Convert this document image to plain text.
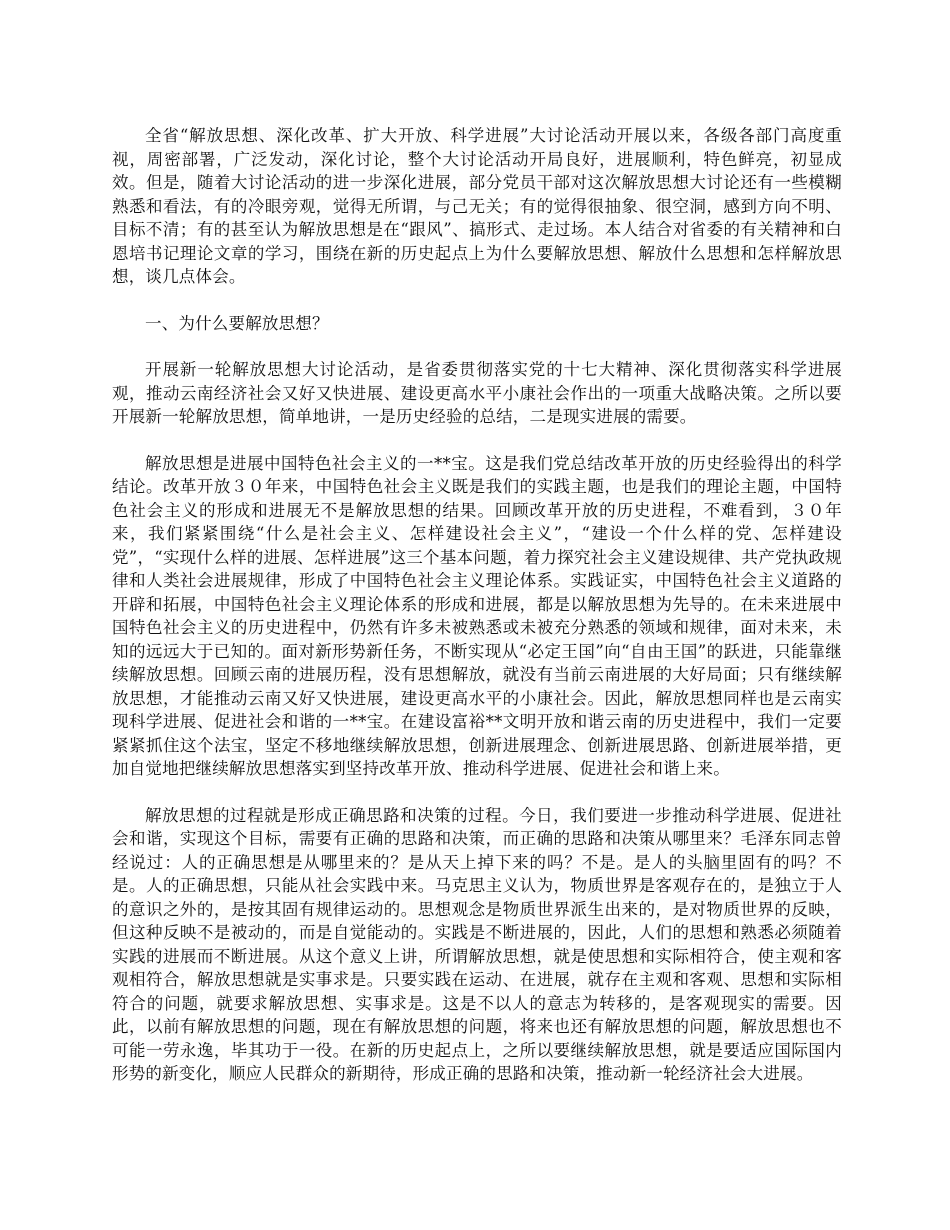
全省“解放思想、深化改革、扩大开放、科学进展”大讨论活动开展以来，各级各部门高度重视，周密部署，广泛发动，深化讨论，整个大讨论活动开局良好，进展顺利，特色鲜亮，初显成效。但是，随着大讨论活动的进一步深化进展，部分党员干部对这次解放思想大讨论还有一些模糊熟悉和看法，有的冷眼旁观，觉得无所谓，与己无关；有的觉得很抽象、很空洞，感到方向不明、目标不清；有的甚至认为解放思想是在“跟风”、搞形式、走过场。本人结合对省委的有关精神和白恩培书记理论文章的学习，围绕在新的历史起点上为什么要解放思想、解放什么思想和怎样解放思想，谈几点体会。

一、为什么要解放思想？

开展新一轮解放思想大讨论活动，是省委贯彻落实党的十七大精神、深化贯彻落实科学进展观，推动云南经济社会又好又快进展、建设更高水平小康社会作出的一项重大战略决策。之所以要开展新一轮解放思想，简单地讲，一是历史经验的总结，二是现实进展的需要。

解放思想是进展中国特色社会主义的一**宝。这是我们党总结改革开放的历史经验得出的科学结论。改革开放３０年来，中国特色社会主义既是我们的实践主题，也是我们的理论主题，中国特色社会主义的形成和进展无不是解放思想的结果。回顾改革开放的历史进程，不难看到，３０年来，我们紧紧围绕“什么是社会主义、怎样建设社会主义”，“建设一个什么样的党、怎样建设党”，“实现什么样的进展、怎样进展”这三个基本问题，着力探究社会主义建设规律、共产党执政规律和人类社会进展规律，形成了中国特色社会主义理论体系。实践证实，中国特色社会主义道路的开辟和拓展，中国特色社会主义理论体系的形成和进展，都是以解放思想为先导的。在未来进展中国特色社会主义的历史进程中，仍然有许多未被熟悉或未被充分熟悉的领域和规律，面对未来，未知的远远大于已知的。面对新形势新任务，不断实现从“必定王国”向“自由王国”的跃进，只能靠继续解放思想。回顾云南的进展历程，没有思想解放，就没有当前云南进展的大好局面；只有继续解放思想，才能推动云南又好又快进展，建设更高水平的小康社会。因此，解放思想同样也是云南实现科学进展、促进社会和谐的一**宝。在建设富裕**文明开放和谐云南的历史进程中，我们一定要紧紧抓住这个法宝，坚定不移地继续解放思想，创新进展理念、创新进展思路、创新进展举措，更加自觉地把继续解放思想落实到坚持改革开放、推动科学进展、促进社会和谐上来。

解放思想的过程就是形成正确思路和决策的过程。今日，我们要进一步推动科学进展、促进社会和谐，实现这个目标，需要有正确的思路和决策，而正确的思路和决策从哪里来？毛泽东同志曾经说过：人的正确思想是从哪里来的？是从天上掉下来的吗？不是。是人的头脑里固有的吗？不是。人的正确思想，只能从社会实践中来。马克思主义认为，物质世界是客观存在的，是独立于人的意识之外的，是按其固有规律运动的。思想观念是物质世界派生出来的，是对物质世界的反映，但这种反映不是被动的，而是自觉能动的。实践是不断进展的，因此，人们的思想和熟悉必须随着实践的进展而不断进展。从这个意义上讲，所谓解放思想，就是使思想和实际相符合，使主观和客观相符合，解放思想就是实事求是。只要实践在运动、在进展，就存在主观和客观、思想和实际相符合的问题，就要求解放思想、实事求是。这是不以人的意志为转移的，是客观现实的需要。因此，以前有解放思想的问题，现在有解放思想的问题，将来也还有解放思想的问题，解放思想也不可能一劳永逸，毕其功于一役。在新的历史起点上，之所以要继续解放思想，就是要适应国际国内形势的新变化，顺应人民群众的新期待，形成正确的思路和决策，推动新一轮经济社会大进展。
